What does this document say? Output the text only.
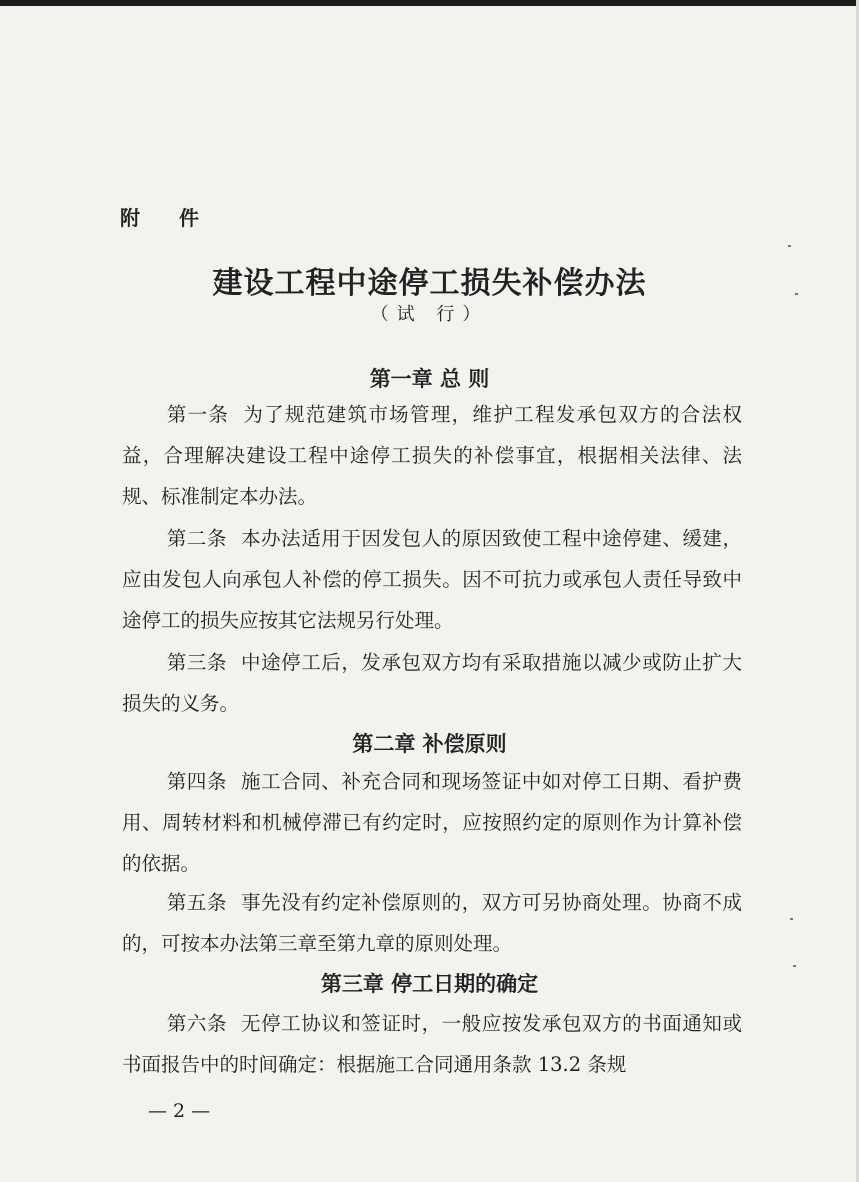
附 件
建设工程中途停工损失补偿办法
（试 行）
第一章 总 则
第一条 为了规范建筑市场管理，维护工程发承包双方的合法权益，合理解决建设工程中途停工损失的补偿事宜，根据相关法律、法规、标准制定本办法。
第二条 本办法适用于因发包人的原因致使工程中途停建、缓建，应由发包人向承包人补偿的停工损失。因不可抗力或承包人责任导致中途停工的损失应按其它法规另行处理。
第三条 中途停工后，发承包双方均有采取措施以减少或防止扩大损失的义务。
第二章 补偿原则
第四条 施工合同、补充合同和现场签证中如对停工日期、看护费用、周转材料和机械停滞已有约定时，应按照约定的原则作为计算补偿的依据。
第五条 事先没有约定补偿原则的，双方可另协商处理。协商不成的，可按本办法第三章至第九章的原则处理。
第三章 停工日期的确定
第六条 无停工协议和签证时，一般应按发承包双方的书面通知或书面报告中的时间确定：根据施工合同通用条款 13.2 条规
— 2 —
